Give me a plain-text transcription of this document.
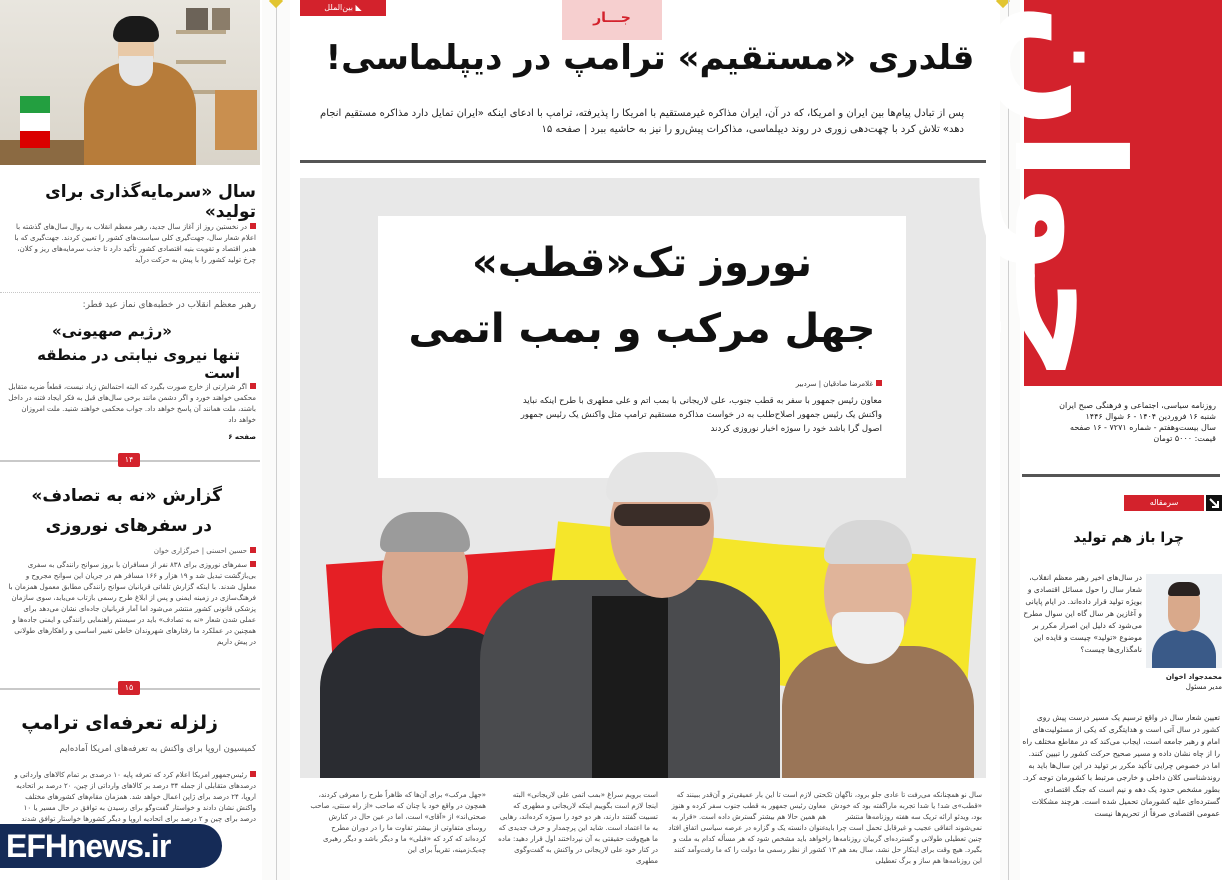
سال «سرمایه‌گذاری برای تولید»
در نخستین روز از آغاز سال جدید، رهبر معظم انقلاب به روال سال‌های گذشته با اعلام شعار سال، جهت‌گیری کلی سیاست‌های کشور را تعیین کردند. جهت‌گیری که با هدیر اقتصاد و تقویت بنیه اقتصادی کشور تأکید دارد تا جذب سرمایه‌های ریز و کلان، چرخ تولید کشور را با پیش به حرکت درآید
رهبر معظم انقلاب در خطبه‌های نماز عید فطر:
«رژیم صهیونی»
تنها نیروی نیابتی در منطقه است
اگر شرارتی از خارج صورت بگیرد که البته احتمالش زیاد نیست، قطعاً ضربه متقابل محکمی خواهند خورد و اگر دشمن مانند برخی سال‌های قبل به فکر ایجاد فتنه در داخل باشند، ملت همانند آن پاسخ خواهد داد. جواب محکمی خواهند شنید. ملت امروزان خواهد داد
صفحه ۶
۱۴
گزارش «نه به تصادف»
در سفرهای نوروزی
حسین احسنی | خبرگزاری خوان
سفرهای نوروزی برای ۸۳۸ نفر از مسافران با بروز سوانح رانندگی به سفری بی‌بازگشت تبدیل شد و ۱۹ هزار و ۱۶۶ مسافر هم در جریان این سوانح مجروح و معلول شدند. با اینکه گزارش تلفاتی قربانیان سوانح رانندگی مطابق معمول همزمان با فرهنگ‌سازی در زمینه ایمنی و پس از ابلاغ طرح رسمی بازتاب می‌یابد، سوی سازمان پزشکی قانونی کشور منتشر می‌شود اما آمار قربانیان جاده‌ای نشان می‌دهد برای عملی شدن شعار «نه به تصادف» باید در سیستم راهنمایی رانندگی و ایمنی جاده‌ها و همچنین در عملکرد ما رفتارهای شهروندان خاطی تغییر اساسی و راهکارهای طولانی در پیش داریم
۱۵
زلزله تعرفه‌ای ترامپ
کمیسیون اروپا برای واکنش به تعرفه‌های امریکا آماده‌ایم
رئیس‌جمهور امریکا اعلام کرد که تعرفه پایه ۱۰ درصدی بر تمام کالاهای وارداتی و درصدهای متقابلی از جمله ۳۴ درصد بر کالاهای وارداتی از چین، ۲۰ درصد بر اتحادیه اروپا، ۲۴ درصد برای ژاپن اعمال خواهد شد. همزمان مقام‌های کشورهای مختلف واکنش نشان دادند و خواستار گفت‌وگو برای رسیدن به توافق در حال مسیر یا ۱۰ درصد برای چین و ۲ درصد برای اتحادیه اروپا و دیگر کشورها خواستار توافق شدند
EFHnews.ir
بین‌الملل ◣
جـــار
قلدری «مستقیم» ترامپ در دیپلماسی!
پس از تبادل پیام‌ها بین ایران و امریکا، که در آن، ایران مذاکره غیرمستقیم با امریکا را پذیرفته، ترامپ با ادعای اینکه «ایران تمایل دارد مذاکره مستقیم انجام دهد» تلاش کرد با چهت‌دهی زوری در روند دیپلماسی، مذاکرات پیش‌رو را نیز به حاشیه ببرد | صفحه ۱۵
نوروز تک«قطب»
جهل مرکب و بمب اتمی
غلامرضا صادقیان | سردبیر
معاون رئیس جمهور با سفر به قطب جنوب، علی لاریجانی با بمب اتم و علی مطهری با طرح اینکه نباید واکنش یک رئیس جمهور اصلاح‌طلب به در خواست مذاکره مستقیم ترامپ مثل واکنش یک رئیس جمهور اصول گرا باشد خود را سوژه اخبار نوروزی کردند
سال نو همچنانکه می‌رفت تا عادی جلو برود، ناگهان تک «قطب»ی شد! یا شدا تجربه ماراگفته بود که خودش بود، ویدئو ارائه تریک سه هفته روزنامه‌ها منتشر نمی‌شوند اتفاقی عجیب و غیرقابل تحمل است چرا باید چنین تعطیلی طولانی و گسترده‌ای گریبان روزنامه‌ها را بگیرد. هیچ وقت برای اینکار حل نشد، سال بعد هم ۱۳ این روزنامه‌ها هم ساز و برگ تعطیلی
حتی لازم است تا این بار عمیقی‌تر و آن‌قدر ببینند که معاون رئیس جمهور به قطب جنوب سفر کرده و هنوز هم همین حالا هم بیشتر گسترش داده است. «قرار به عنوان دانسته یک و گزاره در عرصه سیاسی اتفاق افتاد خواهد باید مشخص شود که هر مسأله کدام به ملت و کشور از نظر رسمی ما دولت را که ما رفت‌وآمد کنند
است برویم سراغ «بمب اتمی علی لاریجانی» البته اینجا لازم است بگوییم اینکه لاریجانی و مطهری که تسبیت گفتند دارند، هر دو خود را سوژه کرده‌اند، رهایی به ما اعتماد است. شاید این پرچمدار و حرف جدیدی که ما هیچ‌وقت حقیقتی به آن نپرداختند اول قرار دهید: ماده در کنار خود علی لاریجانی در واکنش به گفت‌وگوی مطهری
«جهل مرکب» برای آن‌ها که ظاهراً طرح را معرفی کردند، همچون در واقع خود یا چنان که صاحب «از راه سنتی، صاحب صحتی‌اند» از «آقای» است، اما در عین حال در کنارش روسای متفاوتی از بیشتر تفاوت ما را در دوران مطرح کرده‌اند که کرد که «قبلی» ما و دیگر باشد و دیگر رهبری چه‌یک‌زمینه، تقریباً برای این
جوان
روزنامه سیاسی، اجتماعی و فرهنگی صبح ایران
شنبه ۱۶ فروردین ۱۴۰۴ - ۶ شوال ۱۴۴۶
سال بیست‌وهفتم - شماره ۷۲۷۱ - ۱۶ صفحه
قیمت: ۵۰۰۰ تومان
سرمقاله
چرا باز هم تولید
محمدجواد اخوان
مدیر مسئول
در سال‌های اخیر رهبر معظم انقلاب، شعار سال را حول مسائل اقتصادی و بویژه تولید قرار داده‌اند. در ایام پایانی و آغازین هر سال گاه این سوال مطرح می‌شود که دلیل این اصرار مکرر بر موضوع «تولید» چیست و فایده این نامگذاری‌ها چیست؟
تعیین شعار سال در واقع ترسیم یک مسیر درست پیش روی کشور در سال آتی است و هدایتگری که یکی از مسئولیت‌های امام و رهبر جامعه است، ایجاب می‌کند که در مقاطع مختلف راه را از چاه نشان داده و مسیر صحیح حرکت کشور را تبیین کنند. اما در خصوص چرایی تأکید مکرر بر تولید در این سال‌ها باید به روندشناسی کلان داخلی و خارجی مرتبط با کشورمان توجه کرد. بطور مشخص حدود یک دهه و نیم است که جنگ اقتصادی گسترده‌ای علیه کشورمان تحمیل شده است. هرچند مشکلات عمومی اقتصادی صرفاً از تحریم‌ها نیست
